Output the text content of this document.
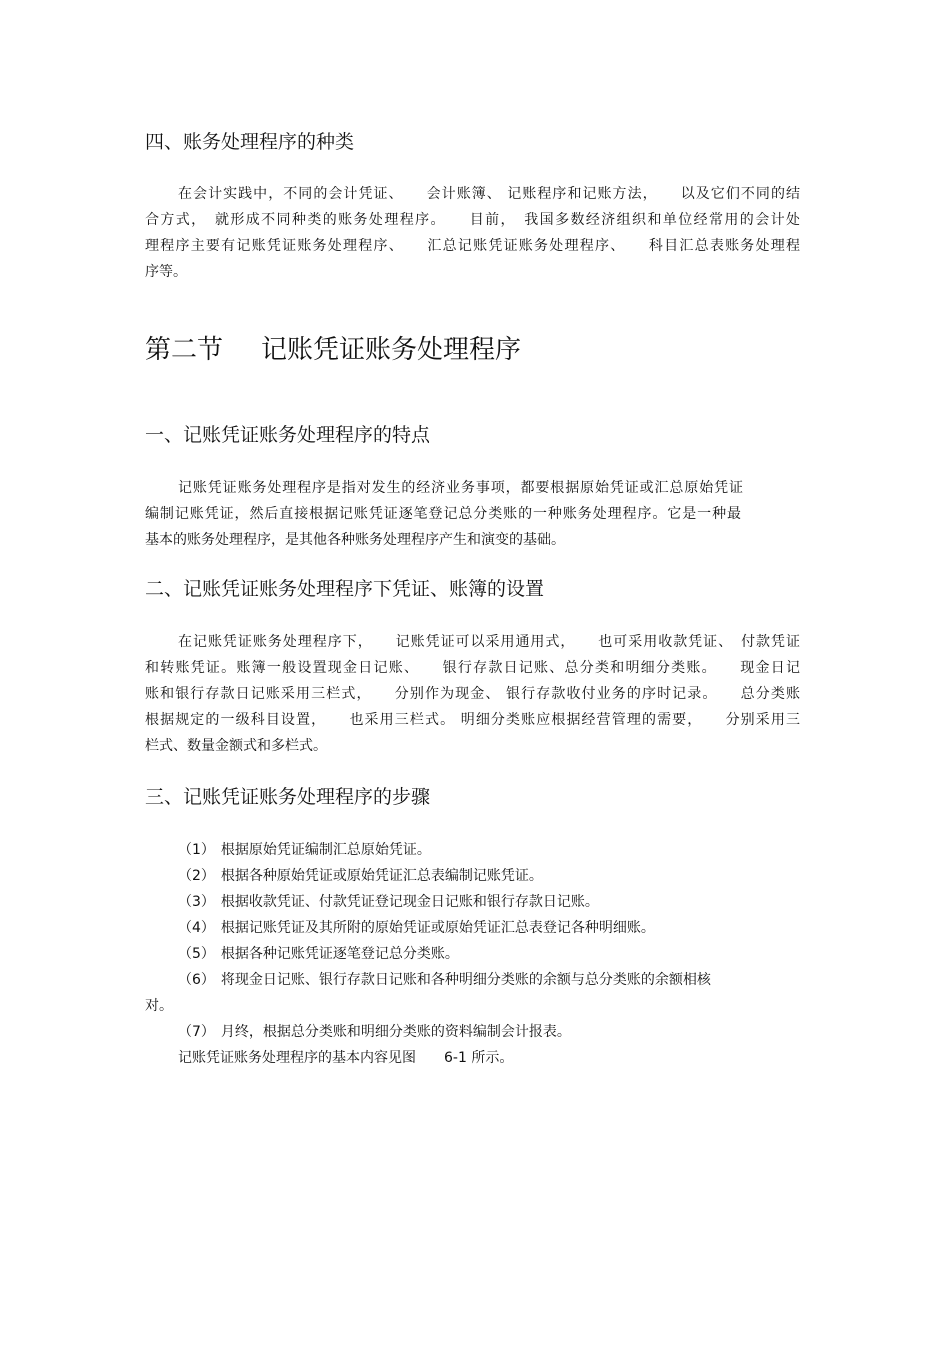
四、账务处理程序的种类

在会计实践中，不同的会计凭证、　　会计账簿、 记账程序和记账方法，　　以及它们不同的结

合方式，　就形成不同种类的账务处理程序。　　目前，　我国多数经济组织和单位经常用的会计处

理程序主要有记账凭证账务处理程序、　　汇总记账凭证账务处理程序、　　科目汇总表账务处理程

序等。

第二节 记账凭证账务处理程序
一、记账凭证账务处理程序的特点

记账凭证账务处理程序是指对发生的经济业务事项，都要根据原始凭证或汇总原始凭证

编制记账凭证，然后直接根据记账凭证逐笔登记总分类账的一种账务处理程序。它是一种最

基本的账务处理程序，是其他各种账务处理程序产生和演变的基础。

二、记账凭证账务处理程序下凭证、账簿的设置

在记账凭证账务处理程序下，　　记账凭证可以采用通用式，　　也可采用收款凭证、　付款凭证

和转账凭证。账簿一般设置现金日记账、　　银行存款日记账、总分类和明细分类账。　　现金日记

账和银行存款日记账采用三栏式，　　分别作为现金、 银行存款收付业务的序时记录。　　总分类账

根据规定的一级科目设置，　　也采用三栏式。 明细分类账应根据经营管理的需要，　　分别采用三

栏式、数量金额式和多栏式。

三、记账凭证账务处理程序的步骤

（1） 根据原始凭证编制汇总原始凭证。

（2） 根据各种原始凭证或原始凭证汇总表编制记账凭证。

（3） 根据收款凭证、付款凭证登记现金日记账和银行存款日记账。

（4） 根据记账凭证及其所附的原始凭证或原始凭证汇总表登记各种明细账。

（5） 根据各种记账凭证逐笔登记总分类账。

（6） 将现金日记账、银行存款日记账和各种明细分类账的余额与总分类账的余额相核

对。

（7） 月终，根据总分类账和明细分类账的资料编制会计报表。

记账凭证账务处理程序的基本内容见图　　6-1 所示。
